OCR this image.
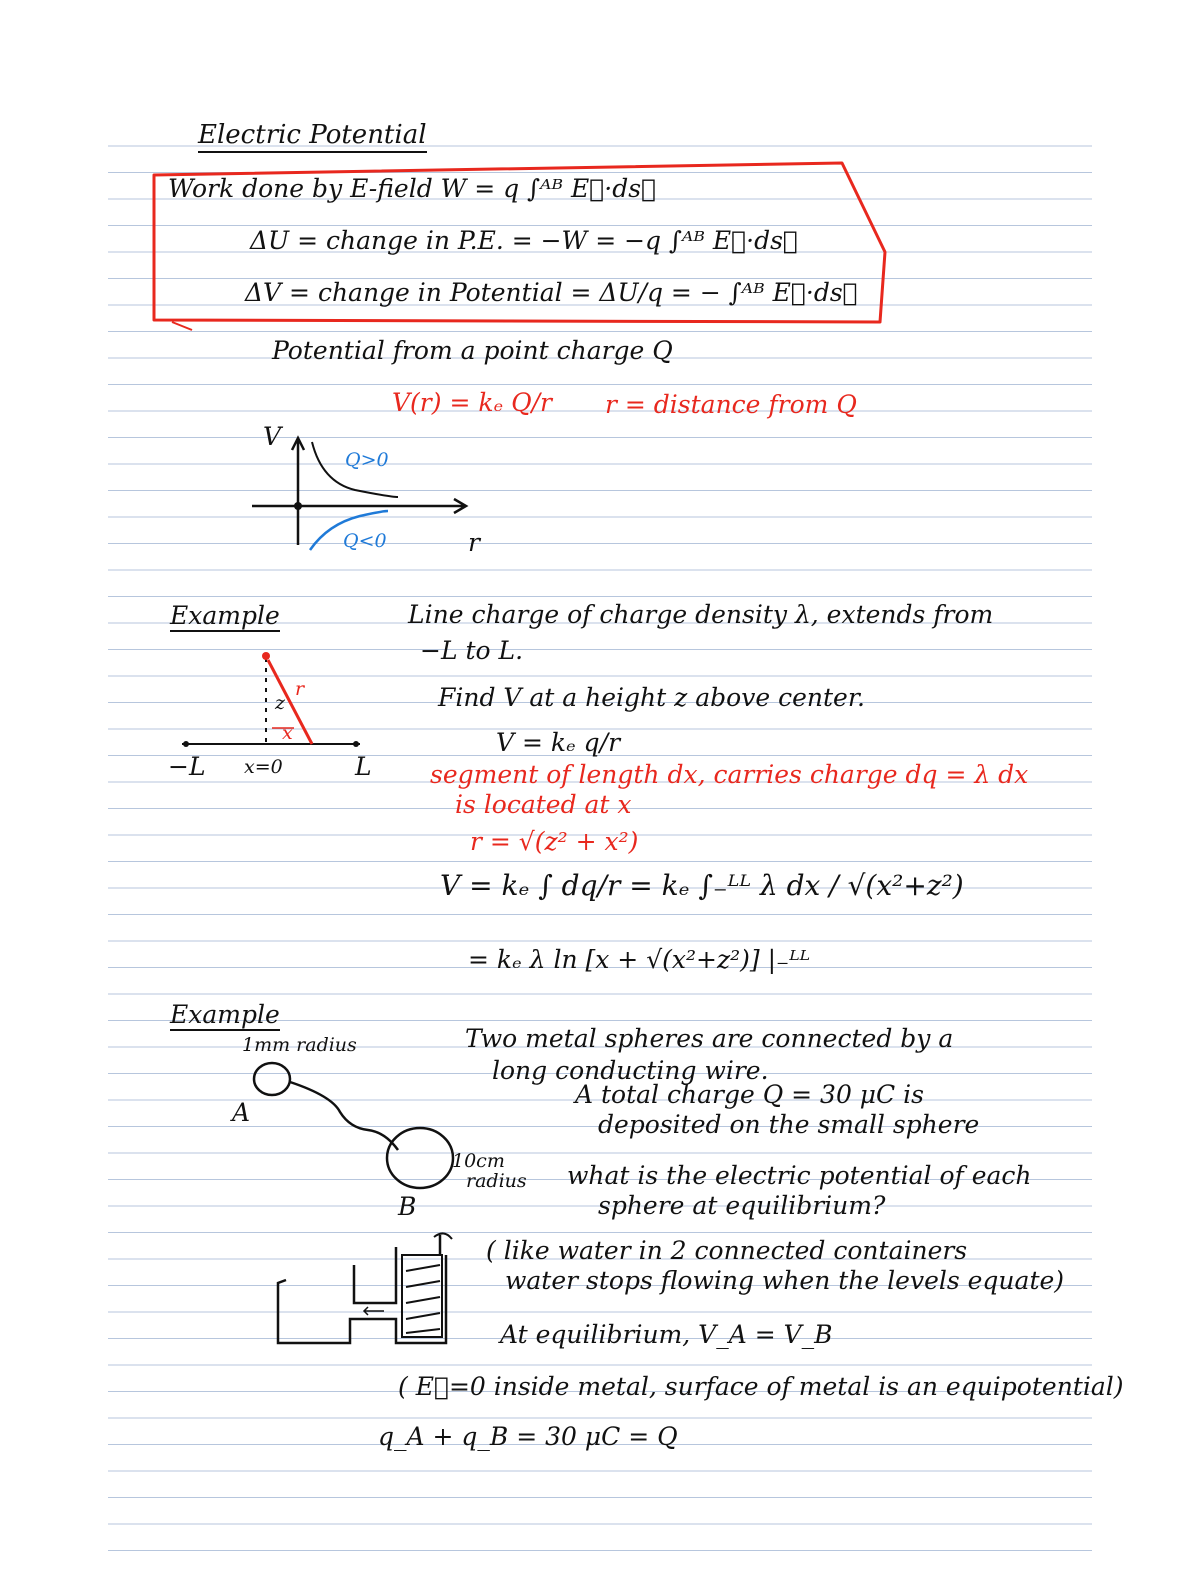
Electric Potential
Work done by E-field W = q ∫ᴬᴮ E⃗·ds⃗
ΔU = change in P.E. = −W = −q ∫ᴬᴮ E⃗·ds⃗
ΔV = change in Potential = ΔU/q = − ∫ᴬᴮ E⃗·ds⃗
Potential from a point charge Q
V(r) = kₑ Q/r r = distance from Q
V
r
Q>0
Q<0
Example	Line charge of charge density λ, extends from
−L to L.
Find V at a height z above center.
z
r
x
−L x=0	L
V = kₑ q/r
segment of length dx, carries charge dq = λ dx
is located at x
r = √(z² + x²)
V = kₑ ∫ dq/r = kₑ ∫₋ᴸᴸ λ dx / √(x²+z²)
= kₑ λ ln [x + √(x²+z²)] |₋ᴸᴸ
Example
1mm radius
A
B
10cm
radius
Two metal spheres are connected by a
long conducting wire.
A total charge Q = 30 μC is
deposited on the small sphere
what is the electric potential of each
sphere at equilibrium?
( like water in 2 connected containers
water stops flowing when the levels equate)
At equilibrium, V_A = V_B
( E⃗=0 inside metal, surface of metal is an equipotential)
q_A + q_B = 30 μC = Q
